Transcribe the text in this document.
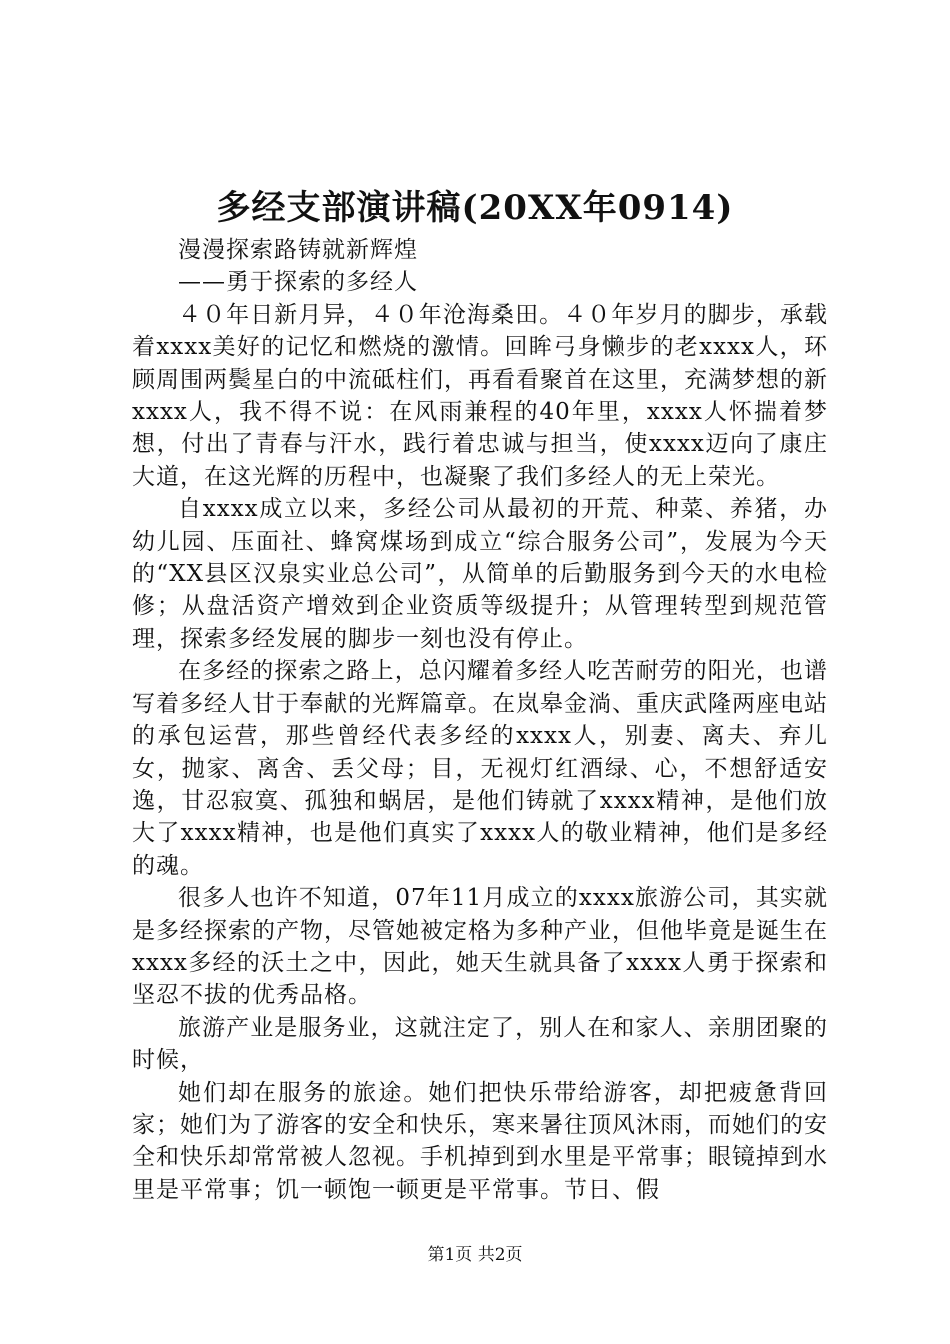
多经支部演讲稿(20XX年0914)

漫漫探索路铸就新辉煌

——勇于探索的多经人

４０年日新月异，４０年沧海桑田。４０年岁月的脚步，承载着xxxx美好的记忆和燃烧的激情。回眸弓身懒步的老xxxx人，环顾周围两鬓星白的中流砥柱们，再看看聚首在这里，充满梦想的新xxxx人，我不得不说：在风雨兼程的40年里，xxxx人怀揣着梦想，付出了青春与汗水，践行着忠诚与担当，使xxxx迈向了康庄大道，在这光辉的历程中，也凝聚了我们多经人的无上荣光。

自xxxx成立以来，多经公司从最初的开荒、种菜、养猪，办幼儿园、压面社、蜂窝煤场到成立“综合服务公司”，发展为今天的“XX县区汉泉实业总公司”，从简单的后勤服务到今天的水电检修；从盘活资产增效到企业资质等级提升；从管理转型到规范管理，探索多经发展的脚步一刻也没有停止。

在多经的探索之路上，总闪耀着多经人吃苦耐劳的阳光，也谱写着多经人甘于奉献的光辉篇章。在岚皋金淌、重庆武隆两座电站的承包运营，那些曾经代表多经的xxxx人，别妻、离夫、弃儿女，抛家、离舍、丢父母；目，无视灯红酒绿、心，不想舒适安逸，甘忍寂寞、孤独和蜗居，是他们铸就了xxxx精神，是他们放大了xxxx精神，也是他们真实了xxxx人的敬业精神，他们是多经的魂。

很多人也许不知道，07年11月成立的xxxx旅游公司，其实就是多经探索的产物，尽管她被定格为多种产业，但他毕竟是诞生在xxxx多经的沃土之中，因此，她天生就具备了xxxx人勇于探索和坚忍不拔的优秀品格。

旅游产业是服务业，这就注定了，别人在和家人、亲朋团聚的时候，

她们却在服务的旅途。她们把快乐带给游客，却把疲惫背回家；她们为了游客的安全和快乐，寒来暑往顶风沐雨，而她们的安全和快乐却常常被人忽视。手机掉到到水里是平常事；眼镜掉到水里是平常事；饥一顿饱一顿更是平常事。节日、假

第1页 共2页
